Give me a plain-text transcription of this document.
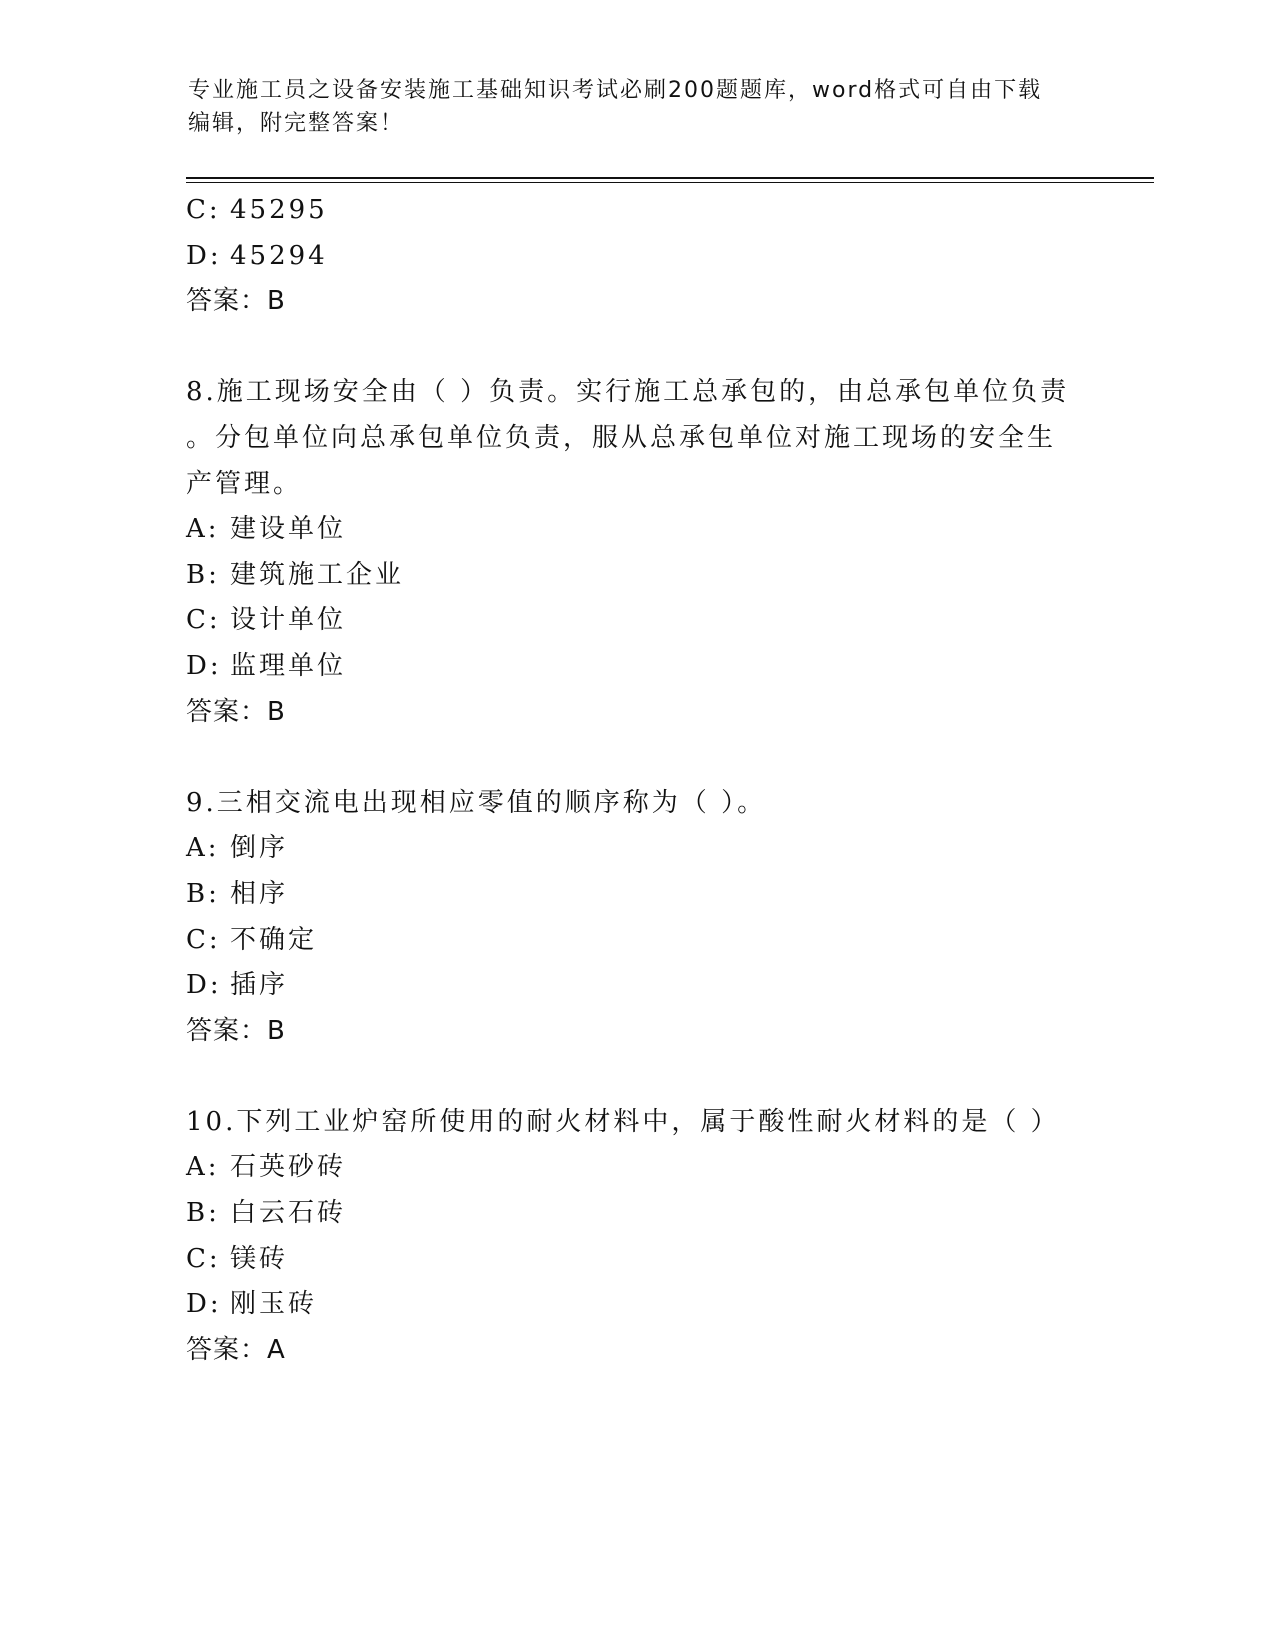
专业施工员之设备安装施工基础知识考试必刷200题题库，word格式可自由下载
编辑，附完整答案！
C: 45295
D: 45294
答案：B
8.施工现场安全由（ ）负责。实行施工总承包的，由总承包单位负责
。分包单位向总承包单位负责，服从总承包单位对施工现场的安全生
产管理。
A: 建设单位
B: 建筑施工企业
C: 设计单位
D: 监理单位
答案：B
9.三相交流电出现相应零值的顺序称为（ ）。
A: 倒序
B: 相序
C: 不确定
D: 插序
答案：B
10.下列工业炉窑所使用的耐火材料中，属于酸性耐火材料的是（ ）
A: 石英砂砖
B: 白云石砖
C: 镁砖
D: 刚玉砖
答案：A
